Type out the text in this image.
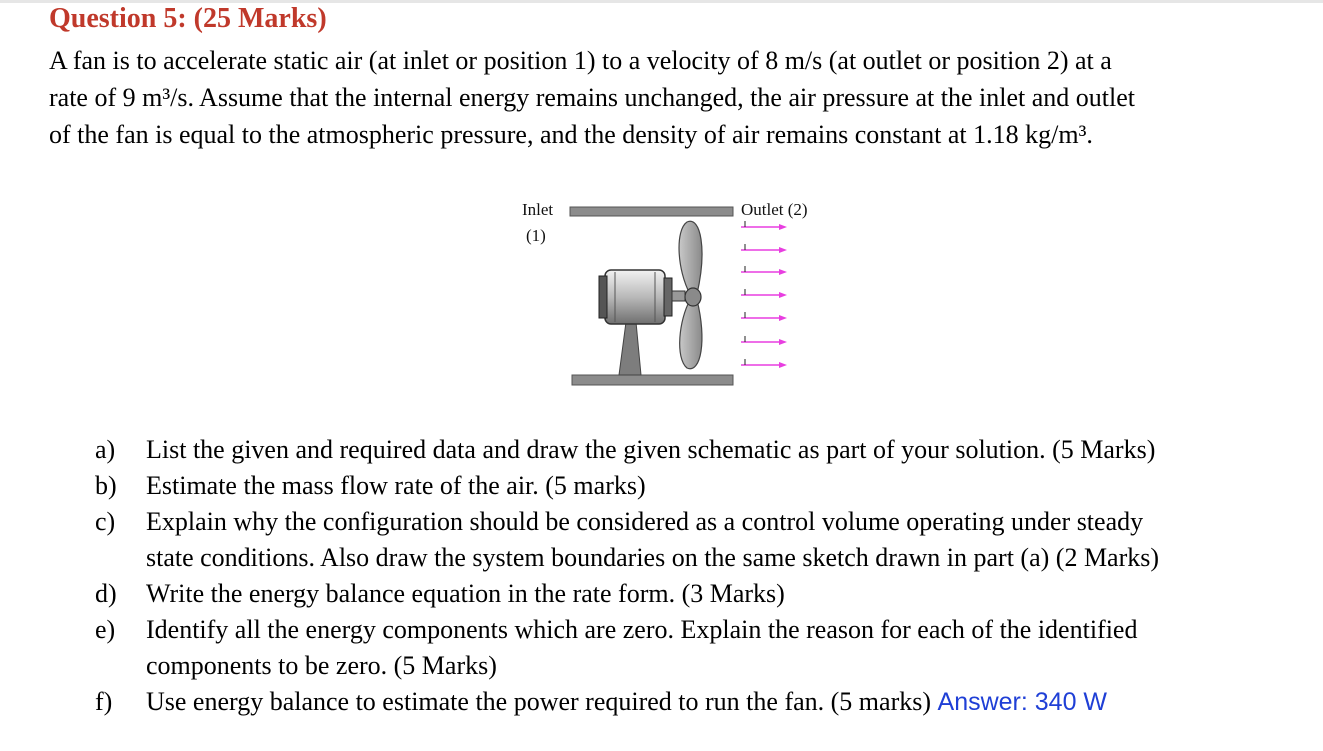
Question 5: (25 Marks)
A fan is to accelerate static air (at inlet or position 1) to a velocity of 8 m/s (at outlet or position 2) at a
rate of 9 m³/s. Assume that the internal energy remains unchanged, the air pressure at the inlet and outlet
of the fan is equal to the atmospheric pressure, and the density of air remains constant at 1.18 kg/m³.
Inlet
(1)
Outlet (2)
a)	List the given and required data and draw the given schematic as part of your solution. (5 Marks)
b)	Estimate the mass flow rate of the air. (5 marks)
c)	Explain why the configuration should be considered as a control volume operating under steady
state conditions. Also draw the system boundaries on the same sketch drawn in part (a) (2 Marks)
d)	Write the energy balance equation in the rate form. (3 Marks)
e)	Identify all the energy components which are zero. Explain the reason for each of the identified
components to be zero. (5 Marks)
f)	Use energy balance to estimate the power required to run the fan. (5 marks) Answer: 340 W
